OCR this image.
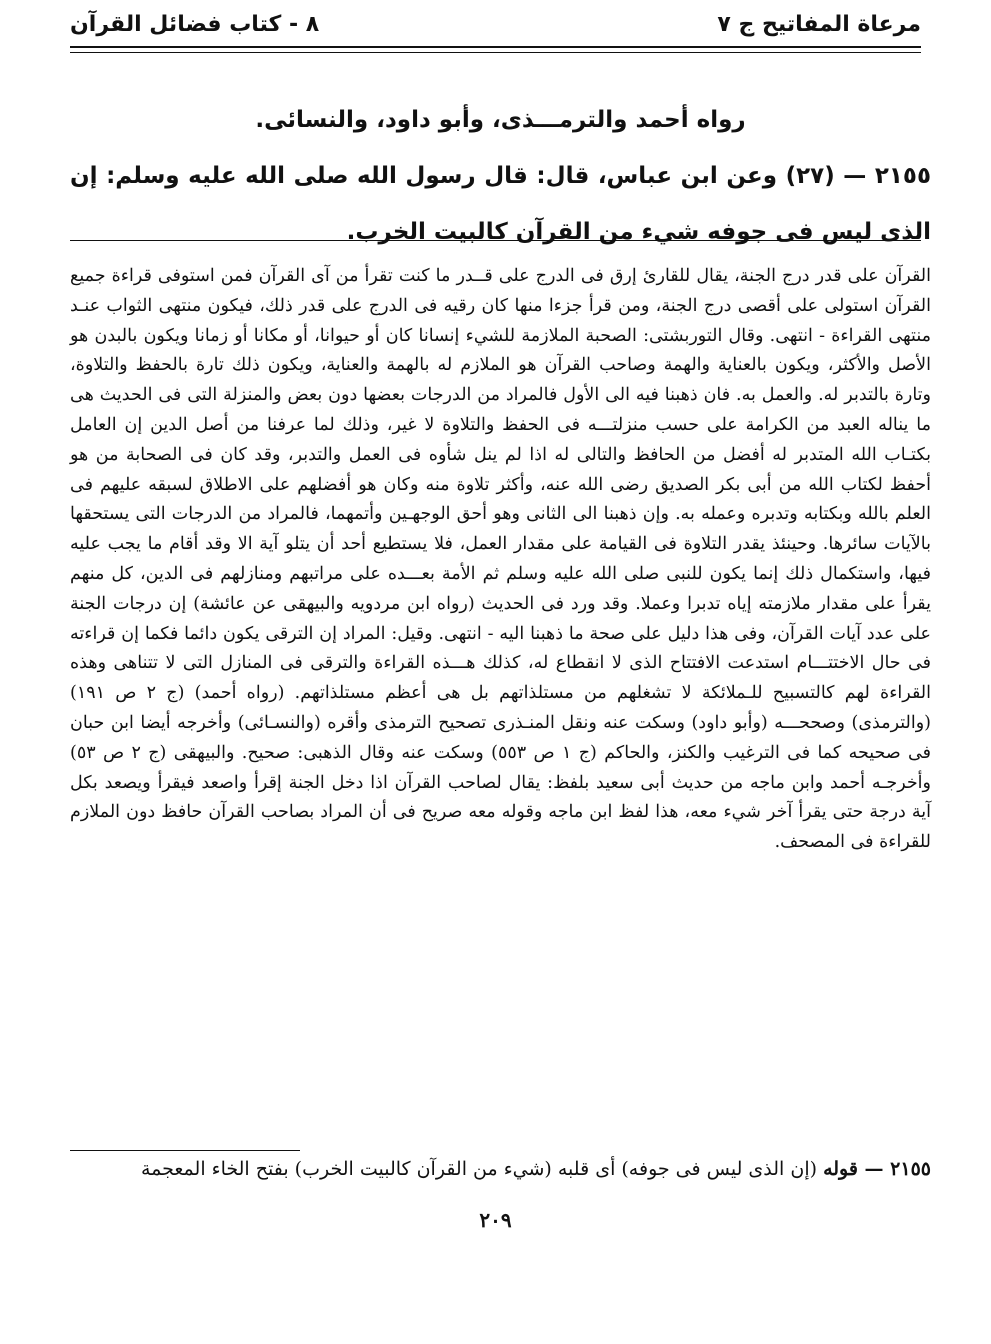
مرعاة المفاتيح ج ٧
٨ - كتاب فضائل القرآن
رواه أحمد والترمـــذى، وأبو داود، والنسائى.
٢١٥٥ — (٢٧) وعن ابن عباس، قال: قال رسول الله صلى الله عليه وسلم: إن الذى ليس فى جوفه شيء من القرآن كالبيت الخرب.

القرآن على قدر درج الجنة، يقال للقارئ إرق فى الدرج على قــدر ما كنت تقرأ من آى القرآن فمن استوفى قراءة جميع القرآن استولى على أقصى درج الجنة، ومن قرأ جزءا منها كان رقيه فى الدرج على قدر ذلك، فيكون منتهى الثواب عنـد منتهى القراءة - انتهى. وقال التوربشتى: الصحبة الملازمة للشيء إنسانا كان أو حيوانا، أو مكانا أو زمانا ويكون بالبدن هو الأصل والأكثر، ويكون بالعناية والهمة وصاحب القرآن هو الملازم له بالهمة والعناية، ويكون ذلك تارة بالحفظ والتلاوة، وتارة بالتدبر له. والعمل به. فان ذهبنا فيه الى الأول فالمراد من الدرجات بعضها دون بعض والمنزلة التى فى الحديث هى ما يناله العبد من الكرامة على حسب منزلتـــه فى الحفظ والتلاوة لا غير، وذلك لما عرفنا من أصل الدين إن العامل بكتـاب الله المتدبر له أفضل من الحافظ والتالى له اذا لم ينل شأوه فى العمل والتدبر، وقد كان فى الصحابة من هو أحفظ لكتاب الله من أبى بكر الصديق رضى الله عنه، وأكثر تلاوة منه وكان هو أفضلهم على الاطلاق لسبقه عليهم فى العلم بالله وبكتابه وتدبره وعمله به. وإن ذهبنا الى الثانى وهو أحق الوجهـين وأتمهما، فالمراد من الدرجات التى يستحقها بالآيات سائرها. وحينئذ يقدر التلاوة فى القيامة على مقدار العمل، فلا يستطيع أحد أن يتلو آية الا وقد أقام ما يجب عليه فيها، واستكمال ذلك إنما يكون للنبى صلى الله عليه وسلم ثم الأمة بعـــده على مراتبهم ومنازلهم فى الدين، كل منهم يقرأ على مقدار ملازمته إياه تدبرا وعملا. وقد ورد فى الحديث (رواه ابن مردويه والبيهقى عن عائشة) إن درجات الجنة على عدد آيات القرآن، وفى هذا دليل على صحة ما ذهبنا اليه - انتهى. وقيل: المراد إن الترقى يكون دائما فكما إن قراءته فى حال الاختتـــام استدعت الافتتاح الذى لا انقطاع له، كذلك هـــذه القراءة والترقى فى المنازل التى لا تتناهى وهذه القراءة لهم كالتسبيح للـملائكة لا تشغلهم من مستلذاتهم بل هى أعظم مستلذاتهم. (رواه أحمد) (ج ٢ ص ١٩١) (والترمذى) وصححـــه (وأبو داود) وسكت عنه ونقل المنـذرى تصحيح الترمذى وأقره (والنسـائى) وأخرجه أيضا ابن حبان فى صحيحه كما فى الترغيب والكنز، والحاكم (ج ١ ص ٥٥٣) وسكت عنه وقال الذهبى: صحيح. والبيهقى (ج ٢ ص ٥٣) وأخرجـه أحمد وابن ماجه من حديث أبى سعيد بلفظ: يقال لصاحب القرآن اذا دخل الجنة إقرأ واصعد فيقرأ ويصعد بكل آية درجة حتى يقرأ آخر شيء معه، هذا لفظ ابن ماجه وقوله معه صريح فى أن المراد بصاحب القرآن حافظ دون الملازم للقراءة فى المصحف.

٢١٥٥ — قوله (إن الذى ليس فى جوفه) أى قلبه (شيء من القرآن كالبيت الخرب) بفتح الخاء المعجمة
٢٠٩
